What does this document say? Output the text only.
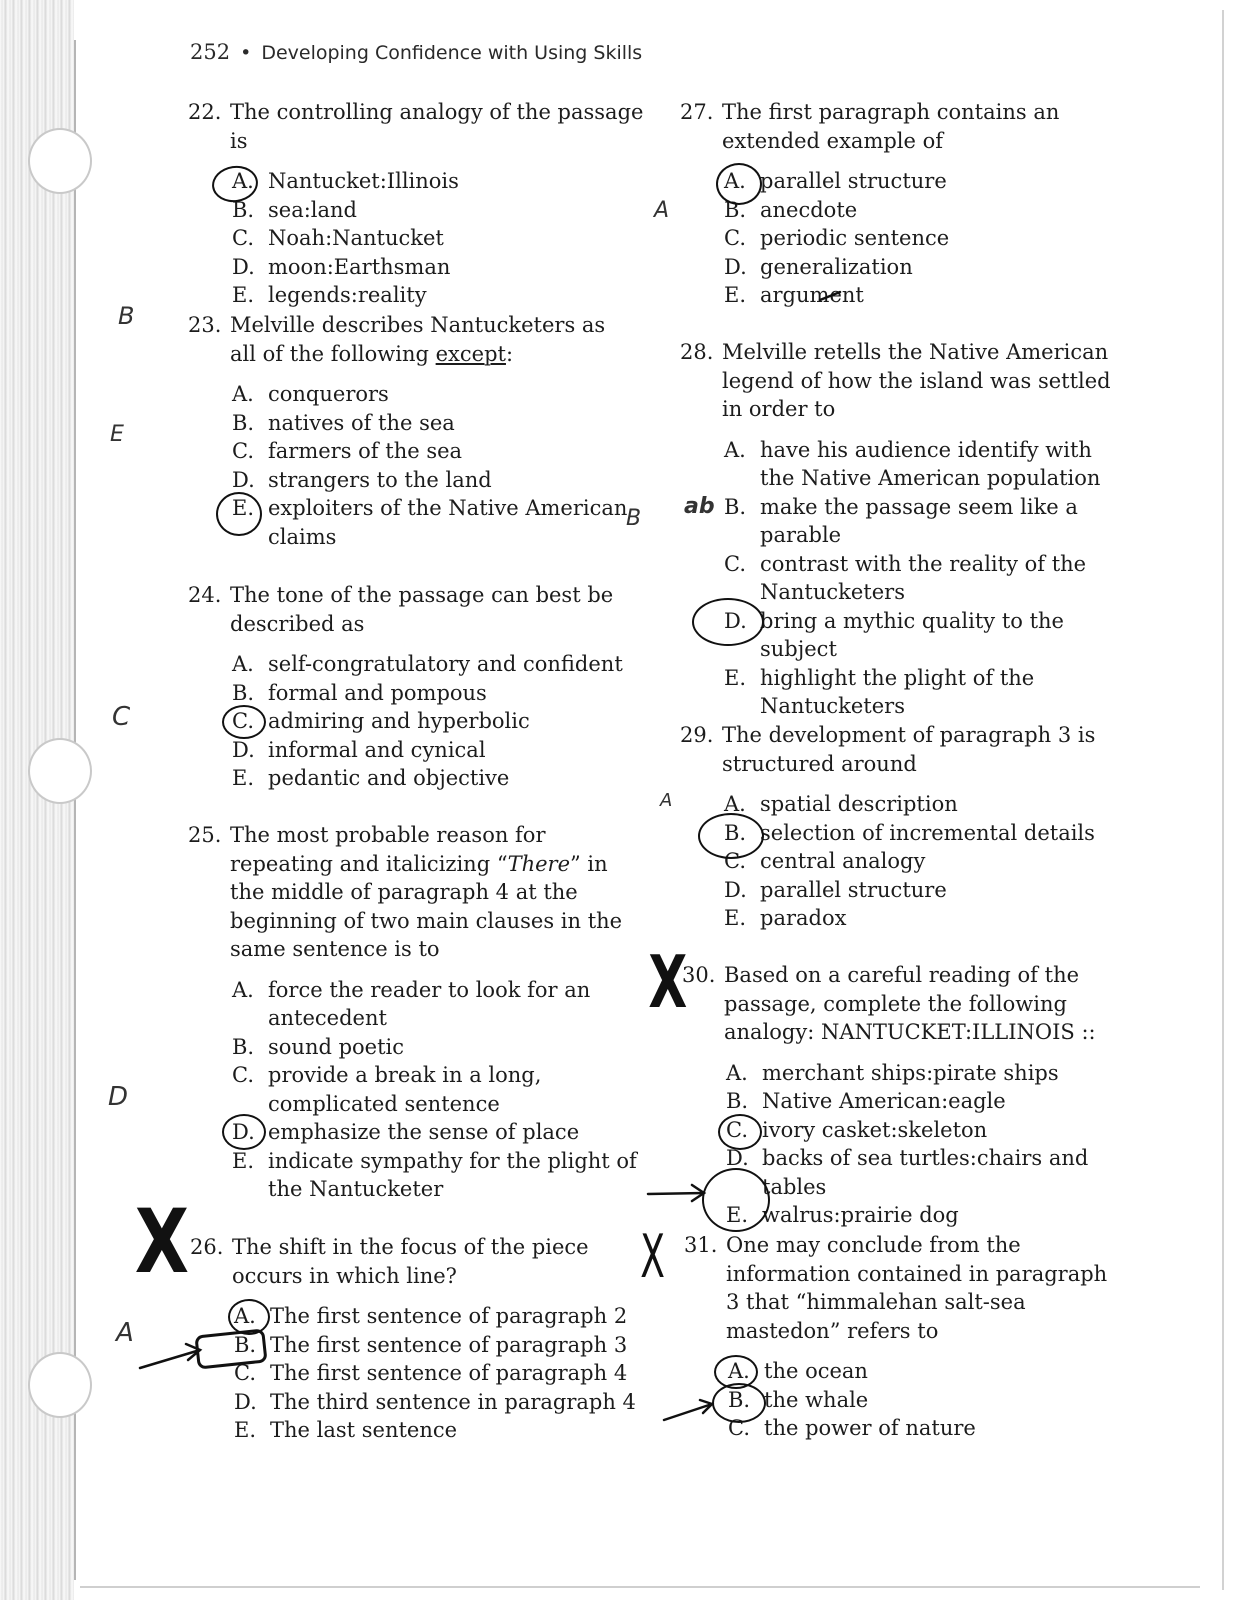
252 • Developing Confidence with Using Skills
22. The controlling analogy of the passage is
A. Nantucket:Illinois
B. sea:land
C. Noah:Nantucket
D. moon:Earthsman
E. legends:reality
23. Melville describes Nantucketers as all of the following except:
A. conquerors
B. natives of the sea
C. farmers of the sea
D. strangers to the land
E. exploiters of the Native American claims
24. The tone of the passage can best be described as
A. self-congratulatory and confident
B. formal and pompous
C. admiring and hyperbolic
D. informal and cynical
E. pedantic and objective
25. The most probable reason for repeating and italicizing “There” in the middle of paragraph 4 at the beginning of two main clauses in the same sentence is to
A. force the reader to look for an antecedent
B. sound poetic
C. provide a break in a long, complicated sentence
D. emphasize the sense of place
E. indicate sympathy for the plight of the Nantucketer
26. The shift in the focus of the piece occurs in which line?
A. The first sentence of paragraph 2
B. The first sentence of paragraph 3
C. The first sentence of paragraph 4
D. The third sentence in paragraph 4
E. The last sentence
27. The first paragraph contains an extended example of
A. parallel structure
B. anecdote
C. periodic sentence
D. generalization
E. argument
28. Melville retells the Native American legend of how the island was settled in order to
A. have his audience identify with the Native American population
B. make the passage seem like a parable
C. contrast with the reality of the Nantucketers
D. bring a mythic quality to the subject
E. highlight the plight of the Nantucketers
29. The development of paragraph 3 is structured around
A. spatial description
B. selection of incremental details
C. central analogy
D. parallel structure
E. paradox
30. Based on a careful reading of the passage, complete the following analogy: NANTUCKET:ILLINOIS ::
A. merchant ships:pirate ships
B. Native American:eagle
C. ivory casket:skeleton
D. backs of sea turtles:chairs and tables
E. walrus:prairie dog
31. One may conclude from the information contained in paragraph 3 that “himmalehan salt-sea mastedon” refers to
A. the ocean
B. the whale
C. the power of nature
B
E
C
D
A
B
A
A
ab
X
X
X
